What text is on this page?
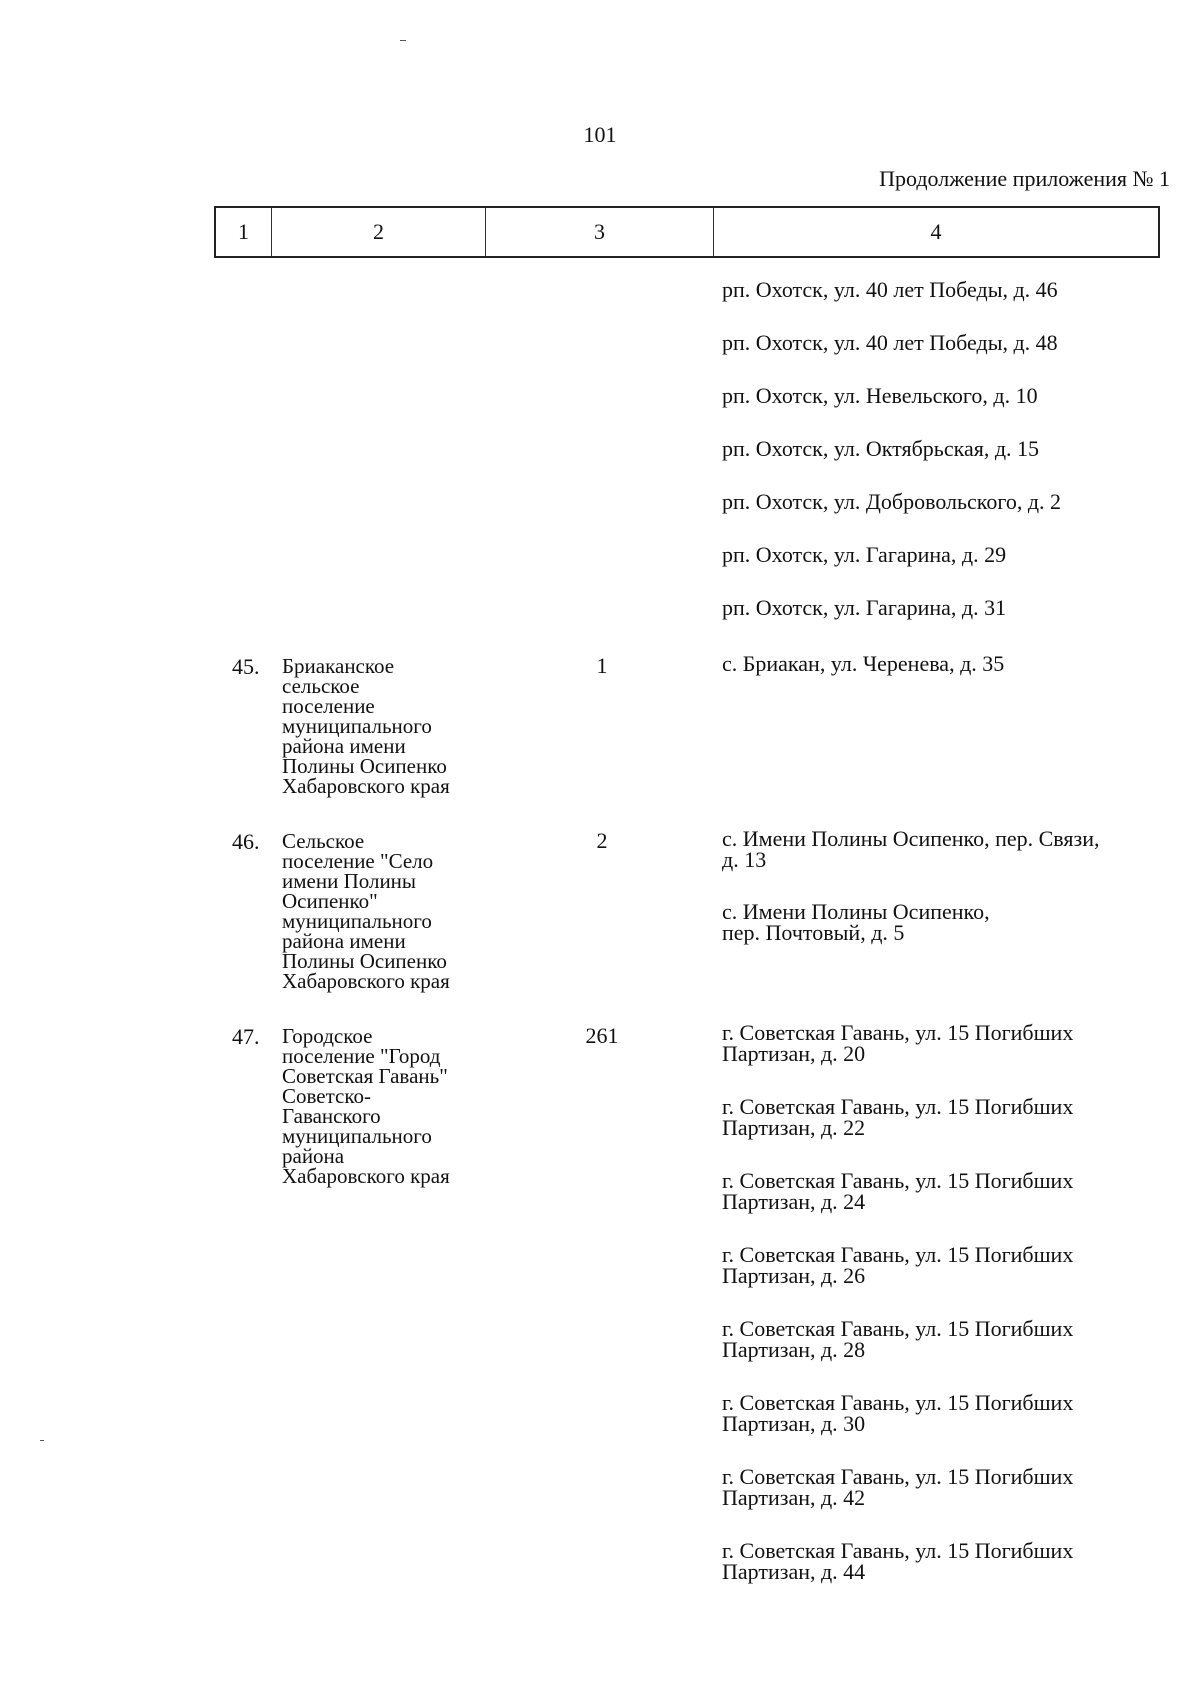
101
Продолжение приложения № 1
1	2	3	4
рп. Охотск, ул. 40 лет Победы, д. 46
рп. Охотск, ул. 40 лет Победы, д. 48
рп. Охотск, ул. Невельского, д. 10
рп. Охотск, ул. Октябрьская, д. 15
рп. Охотск, ул. Добровольского, д. 2
рп. Охотск, ул. Гагарина, д. 29
рп. Охотск, ул. Гагарина, д. 31
45. Бриаканское
сельское
поселение
муниципального
района имени
Полины Осипенко
Хабаровского края
1	с. Бриакан, ул. Черенева, д. 35
46. Сельское
поселение "Село
имени Полины
Осипенко"
муниципального
района имени
Полины Осипенко
Хабаровского края
2	с. Имени Полины Осипенко, пер. Связи,
д. 13
с. Имени Полины Осипенко,
пер. Почтовый, д. 5
47. Городское
поселение "Город
Советская Гавань"
Советско-
Гаванского
муниципального
района
Хабаровского края
261	г. Советская Гавань, ул. 15 Погибших
Партизан, д. 20
г. Советская Гавань, ул. 15 Погибших
Партизан, д. 22
г. Советская Гавань, ул. 15 Погибших
Партизан, д. 24
г. Советская Гавань, ул. 15 Погибших
Партизан, д. 26
г. Советская Гавань, ул. 15 Погибших
Партизан, д. 28
г. Советская Гавань, ул. 15 Погибших
Партизан, д. 30
г. Советская Гавань, ул. 15 Погибших
Партизан, д. 42
г. Советская Гавань, ул. 15 Погибших
Партизан, д. 44
